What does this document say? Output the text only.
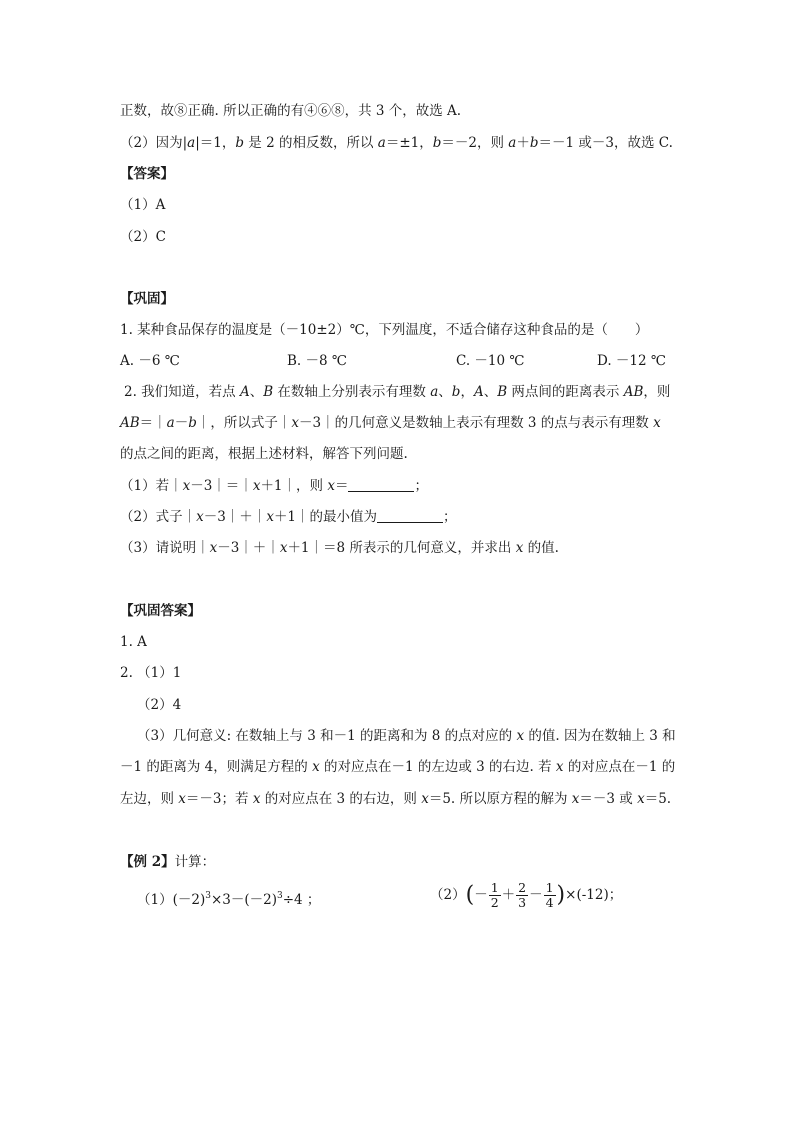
正数，故⑧正确. 所以正确的有④⑥⑧，共 3 个，故选 A.
（2）因为|a|＝1，b 是 2 的相反数，所以 a＝±1，b＝－2，则 a＋b＝－1 或－3，故选 C.
【答案】
（1）A
（2）C
【巩固】
1. 某种食品保存的温度是（－10±2）℃，下列温度，不适合储存这种食品的是（　　）
A. －6 ℃	B. －8 ℃	C. －10 ℃	D. －12 ℃
2. 我们知道，若点 A、B 在数轴上分别表示有理数 a、b，A、B 两点间的距离表示 AB，则
AB＝｜a－b｜，所以式子｜x－3｜的几何意义是数轴上表示有理数 3 的点与表示有理数 x
的点之间的距离，根据上述材料，解答下列问题.
（1）若｜x－3｜＝｜x＋1｜，则 x＝	；
（2）式子｜x－3｜＋｜x＋1｜的最小值为	；
（3）请说明｜x－3｜＋｜x＋1｜＝8 所表示的几何意义，并求出 x 的值.
【巩固答案】
1. A
2. （1）1
（2）4
（3）几何意义: 在数轴上与 3 和－1 的距离和为 8 的点对应的 x 的值. 因为在数轴上 3 和
－1 的距离为 4，则满足方程的 x 的对应点在－1 的左边或 3 的右边. 若 x 的对应点在－1 的
左边，则 x＝－3；若 x 的对应点在 3 的右边，则 x＝5. 所以原方程的解为 x＝－3 或 x＝5.
【例 2】计算：
$(1)(-2)^3\times 3-(-2)^3\div 4$ ；	$(2)(- \frac{1}{2} + \frac{2}{3} - \frac{1}{4} )\times(-12)$；
